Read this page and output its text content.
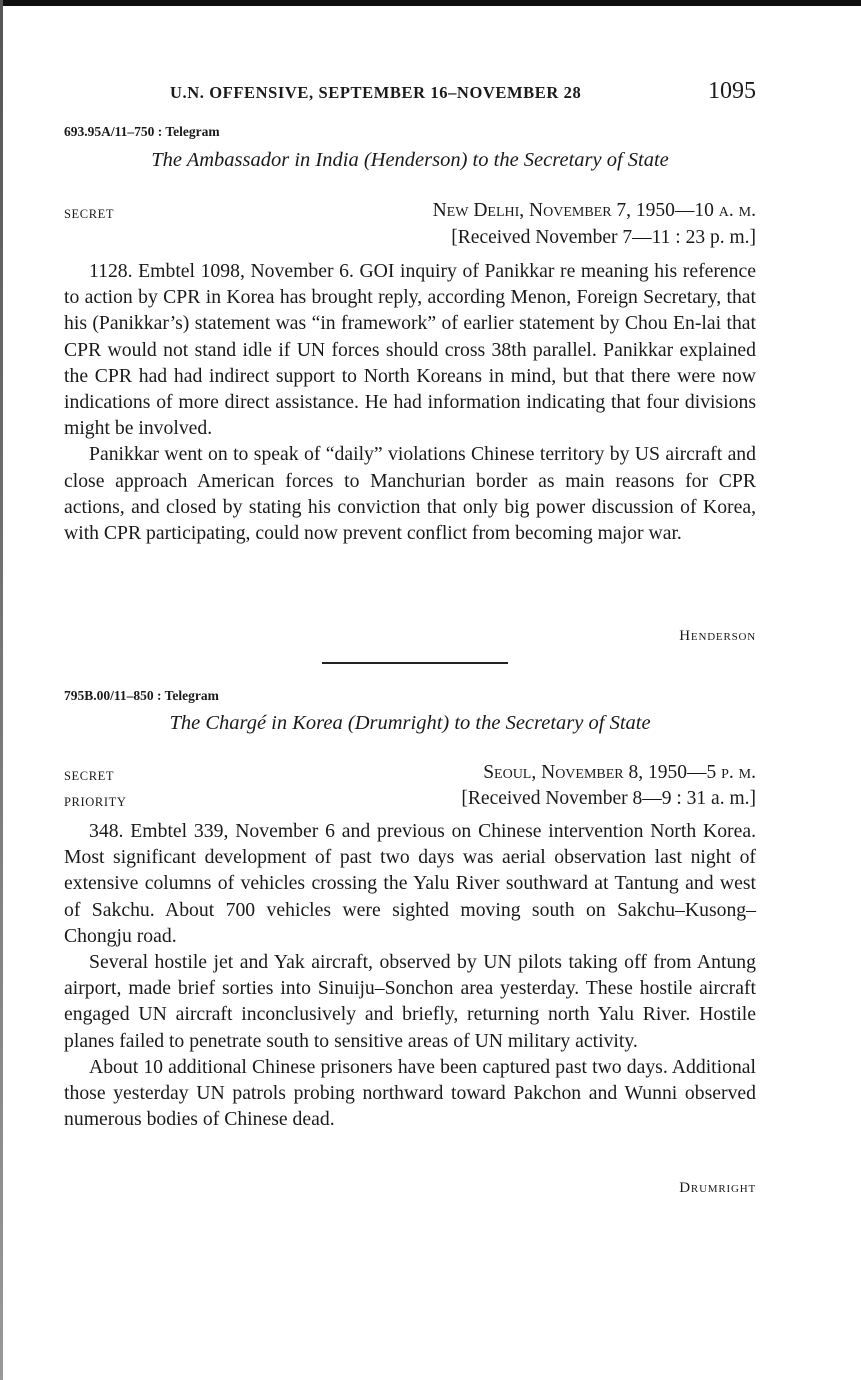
U.N. OFFENSIVE, SEPTEMBER 16–NOVEMBER 28	1095
693.95A/11–750 : Telegram
The Ambassador in India (Henderson) to the Secretary of State
SECRET	New Delhi, November 7, 1950—10 a. m.
[Received November 7—11 : 23 p. m.]

1128. Embtel 1098, November 6. GOI inquiry of Panikkar re meaning his reference to action by CPR in Korea has brought reply, according Menon, Foreign Secretary, that his (Panikkar’s) statement was “in framework” of earlier statement by Chou En-lai that CPR would not stand idle if UN forces should cross 38th parallel. Panikkar explained the CPR had had indirect support to North Koreans in mind, but that there were now indications of more direct assistance. He had information indicating that four divisions might be involved.

Panikkar went on to speak of “daily” violations Chinese territory by US aircraft and close approach American forces to Manchurian border as main reasons for CPR actions, and closed by stating his conviction that only big power discussion of Korea, with CPR participating, could now prevent conflict from becoming major war.

Henderson
795B.00/11–850 : Telegram
The Chargé in Korea (Drumright) to the Secretary of State
SECRET
PRIORITY
Seoul, November 8, 1950—5 p. m.
[Received November 8—9 : 31 a. m.]

348. Embtel 339, November 6 and previous on Chinese intervention North Korea. Most significant development of past two days was aerial observation last night of extensive columns of vehicles crossing the Yalu River southward at Tantung and west of Sakchu. About 700 vehicles were sighted moving south on Sakchu–Kusong–Chongju road.

Several hostile jet and Yak aircraft, observed by UN pilots taking off from Antung airport, made brief sorties into Sinuiju–Sonchon area yesterday. These hostile aircraft engaged UN aircraft inconclusively and briefly, returning north Yalu River. Hostile planes failed to penetrate south to sensitive areas of UN military activity.

About 10 additional Chinese prisoners have been captured past two days. Additional those yesterday UN patrols probing northward toward Pakchon and Wunni observed numerous bodies of Chinese dead.

Drumright
